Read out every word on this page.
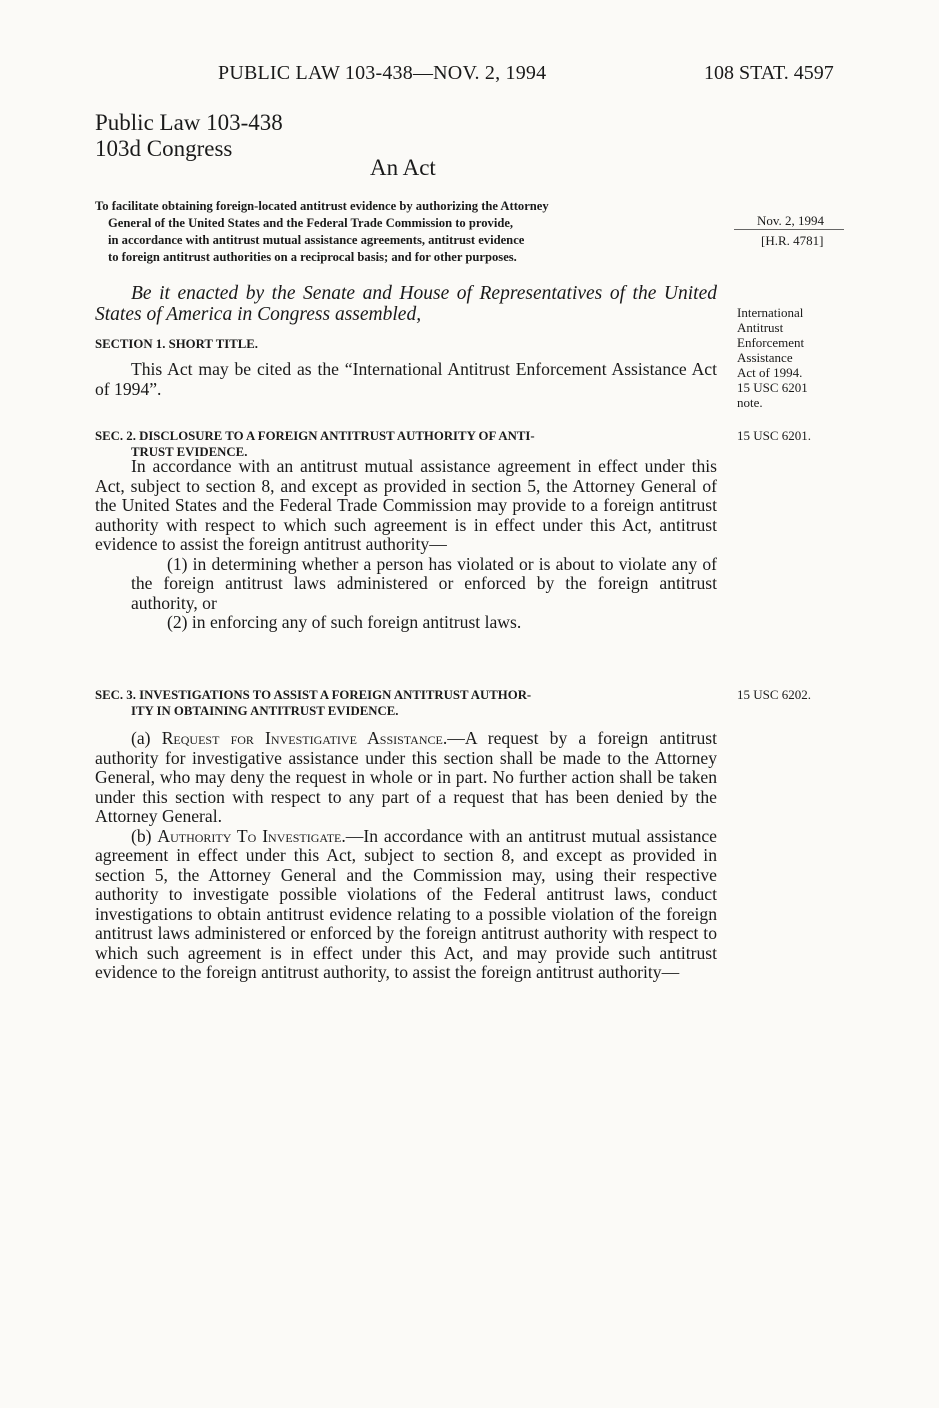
PUBLIC LAW 103-438—NOV. 2, 1994	108 STAT. 4597
Public Law 103-438
103d Congress
An Act
To facilitate obtaining foreign-located antitrust evidence by authorizing the Attorney
General of the United States and the Federal Trade Commission to provide,
in accordance with antitrust mutual assistance agreements, antitrust evidence
to foreign antitrust authorities on a reciprocal basis; and for other purposes.
Nov. 2, 1994
[H.R. 4781]
International
Antitrust
Enforcement
Assistance
Act of 1994.
15 USC 6201
note.
15 USC 6201.
15 USC 6202.

Be it enacted by the Senate and House of Representatives of the United States of America in Congress assembled,

SECTION 1. SHORT TITLE.

This Act may be cited as the “International Antitrust Enforcement Assistance Act of 1994”.

SEC. 2. DISCLOSURE TO A FOREIGN ANTITRUST AUTHORITY OF ANTI-
TRUST EVIDENCE.

In accordance with an antitrust mutual assistance agreement in effect under this Act, subject to section 8, and except as provided in section 5, the Attorney General of the United States and the Federal Trade Commission may provide to a foreign antitrust authority with respect to which such agreement is in effect under this Act, antitrust evidence to assist the foreign antitrust authority—

(1) in determining whether a person has violated or is about to violate any of the foreign antitrust laws administered or enforced by the foreign antitrust authority, or

(2) in enforcing any of such foreign antitrust laws.

SEC. 3. INVESTIGATIONS TO ASSIST A FOREIGN ANTITRUST AUTHOR-
ITY IN OBTAINING ANTITRUST EVIDENCE.

(a) Request for Investigative Assistance.—A request by a foreign antitrust authority for investigative assistance under this section shall be made to the Attorney General, who may deny the request in whole or in part. No further action shall be taken under this section with respect to any part of a request that has been denied by the Attorney General.

(b) Authority To Investigate.—In accordance with an antitrust mutual assistance agreement in effect under this Act, subject to section 8, and except as provided in section 5, the Attorney General and the Commission may, using their respective authority to investigate possible violations of the Federal antitrust laws, conduct investigations to obtain antitrust evidence relating to a possible violation of the foreign antitrust laws administered or enforced by the foreign antitrust authority with respect to which such agreement is in effect under this Act, and may provide such antitrust evidence to the foreign antitrust authority, to assist the foreign antitrust authority—
